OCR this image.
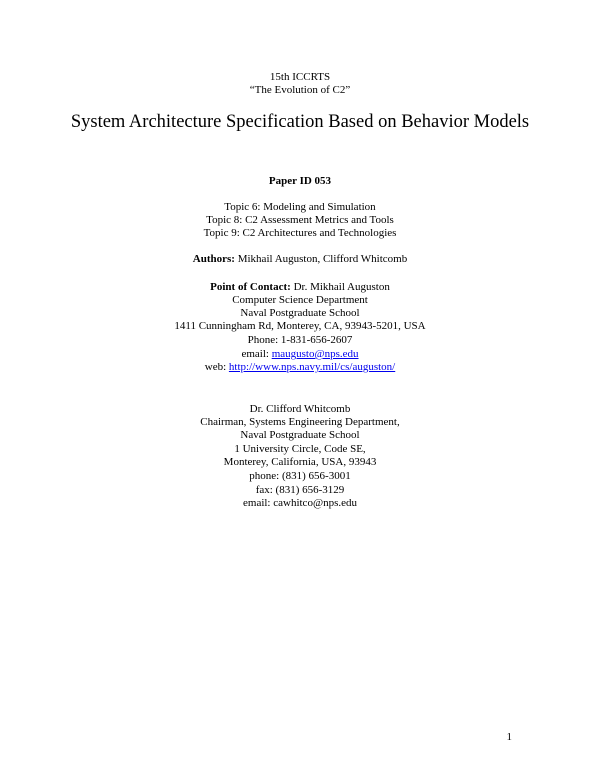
15th ICCRTS
“The Evolution of C2”
System Architecture Specification Based on Behavior Models
Paper ID 053
Topic 6: Modeling and Simulation
Topic 8: C2 Assessment Metrics and Tools
Topic 9: C2 Architectures and Technologies
Authors: Mikhail Auguston, Clifford Whitcomb
Point of Contact: Dr. Mikhail Auguston
Computer Science Department
Naval Postgraduate School
1411 Cunningham Rd, Monterey, CA, 93943-5201, USA
Phone: 1-831-656-2607
email: maugusto@nps.edu
web: http://www.nps.navy.mil/cs/auguston/
Dr. Clifford Whitcomb
Chairman, Systems Engineering Department,
Naval Postgraduate School
1 University Circle, Code SE,
Monterey, California, USA, 93943
phone: (831) 656-3001
fax: (831) 656-3129
email: cawhitco@nps.edu
1
